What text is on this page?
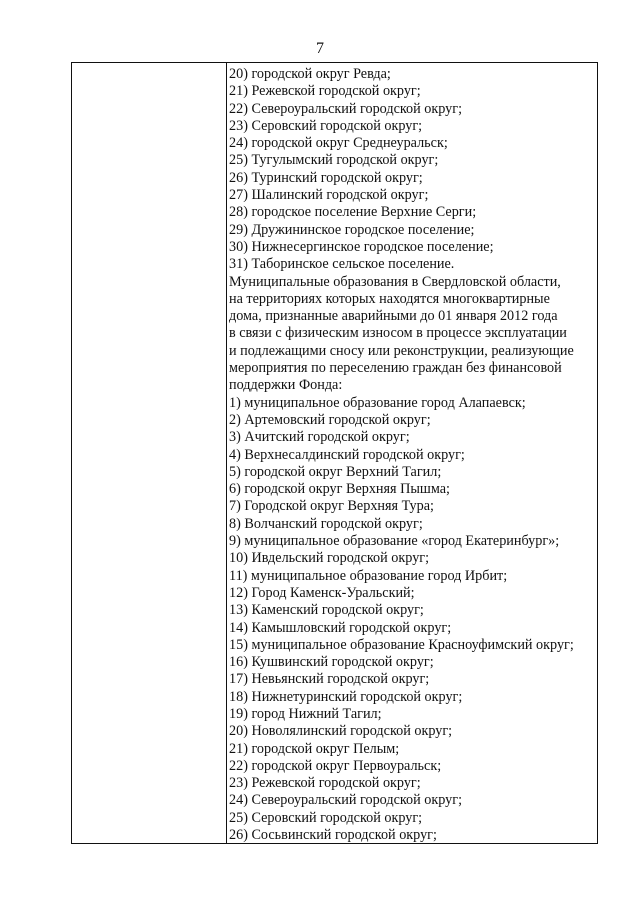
7
20) городской округ Ревда;
21) Режевской городской округ;
22) Североуральский городской округ;
23) Серовский городской округ;
24) городской округ Среднеуральск;
25) Тугулымский городской округ;
26) Туринский городской округ;
27) Шалинский городской округ;
28) городское поселение Верхние Серги;
29) Дружининское городское поселение;
30) Нижнесергинское городское поселение;
31) Таборинское сельское поселение.
Муниципальные образования в Свердловской области,
на территориях которых находятся многоквартирные
дома, признанные аварийными до 01 января 2012 года
в связи с физическим износом в процессе эксплуатации
и подлежащими сносу или реконструкции, реализующие
мероприятия по переселению граждан без финансовой
поддержки Фонда:
1) муниципальное образование город Алапаевск;
2) Артемовский городской округ;
3) Ачитский городской округ;
4) Верхнесалдинский городской округ;
5) городской округ Верхний Тагил;
6) городской округ Верхняя Пышма;
7) Городской округ Верхняя Тура;
8) Волчанский городской округ;
9) муниципальное образование «город Екатеринбург»;
10) Ивдельский городской округ;
11) муниципальное образование город Ирбит;
12) Город Каменск-Уральский;
13) Каменский городской округ;
14) Камышловский городской округ;
15) муниципальное образование Красноуфимский округ;
16) Кушвинский городской округ;
17) Невьянский городской округ;
18) Нижнетуринский городской округ;
19) город Нижний Тагил;
20) Новолялинский городской округ;
21) городской округ Пелым;
22) городской округ Первоуральск;
23) Режевской городской округ;
24) Североуральский городской округ;
25) Серовский городской округ;
26) Сосьвинский городской округ;
